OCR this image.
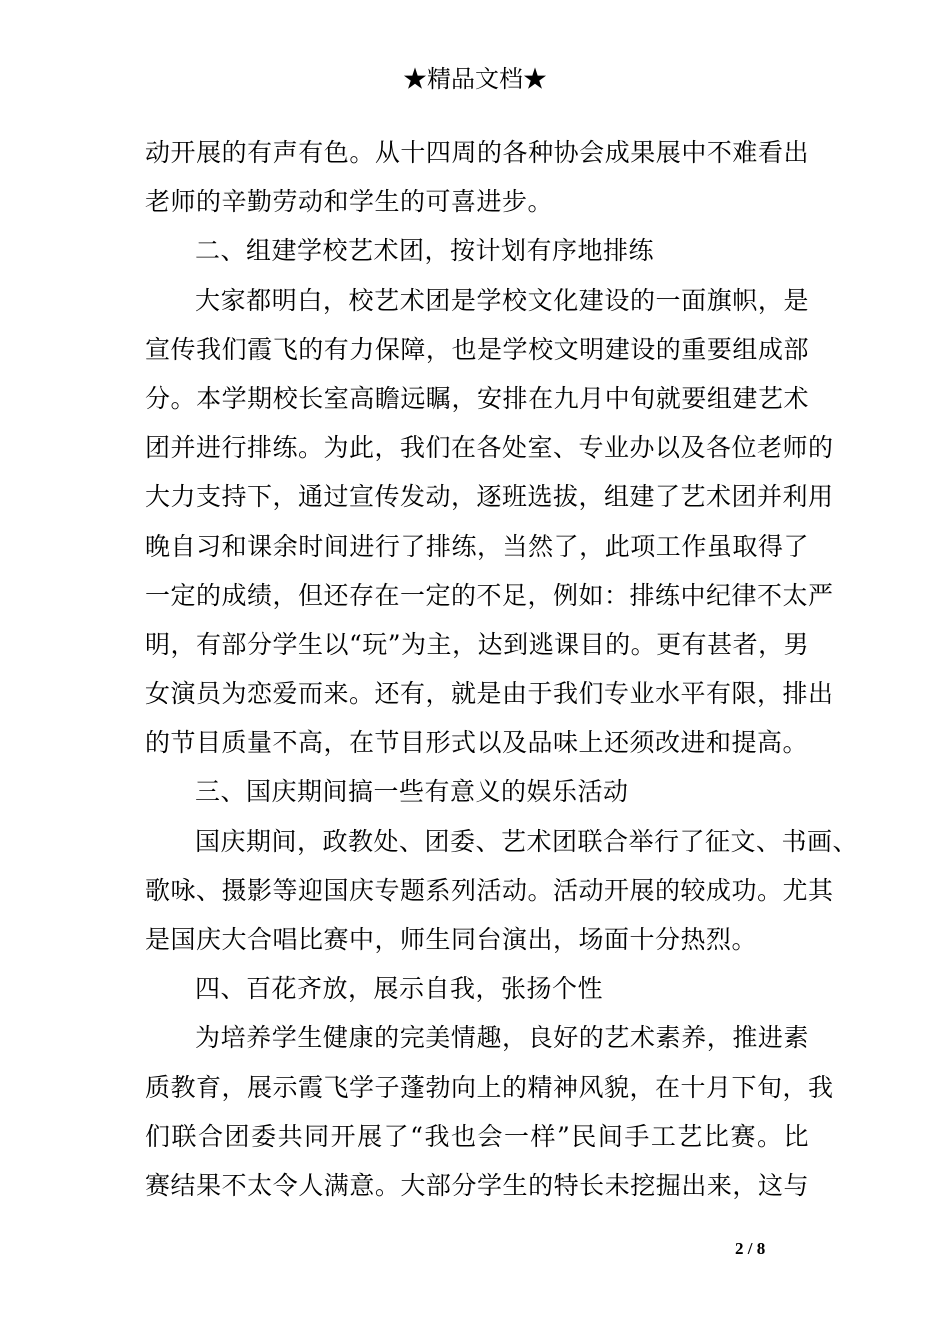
★精品文档★
动开展的有声有色。从十四周的各种协会成果展中不难看出
老师的辛勤劳动和学生的可喜进步。
二、组建学校艺术团，按计划有序地排练
大家都明白，校艺术团是学校文化建设的一面旗帜，是
宣传我们霞飞的有力保障，也是学校文明建设的重要组成部
分。本学期校长室高瞻远瞩，安排在九月中旬就要组建艺术
团并进行排练。为此，我们在各处室、专业办以及各位老师的
大力支持下，通过宣传发动，逐班选拔，组建了艺术团并利用
晚自习和课余时间进行了排练，当然了，此项工作虽取得了
一定的成绩，但还存在一定的不足，例如：排练中纪律不太严
明，有部分学生以“玩”为主，达到逃课目的。更有甚者，男
女演员为恋爱而来。还有，就是由于我们专业水平有限，排出
的节目质量不高，在节目形式以及品味上还须改进和提高。
三、国庆期间搞一些有意义的娱乐活动
国庆期间，政教处、团委、艺术团联合举行了征文、书画、
歌咏、摄影等迎国庆专题系列活动。活动开展的较成功。尤其
是国庆大合唱比赛中，师生同台演出，场面十分热烈。
四、百花齐放，展示自我，张扬个性
为培养学生健康的完美情趣，良好的艺术素养，推进素
质教育，展示霞飞学子蓬勃向上的精神风貌，在十月下旬，我
们联合团委共同开展了“我也会一样”民间手工艺比赛。比
赛结果不太令人满意。大部分学生的特长未挖掘出来，这与
2 / 8
